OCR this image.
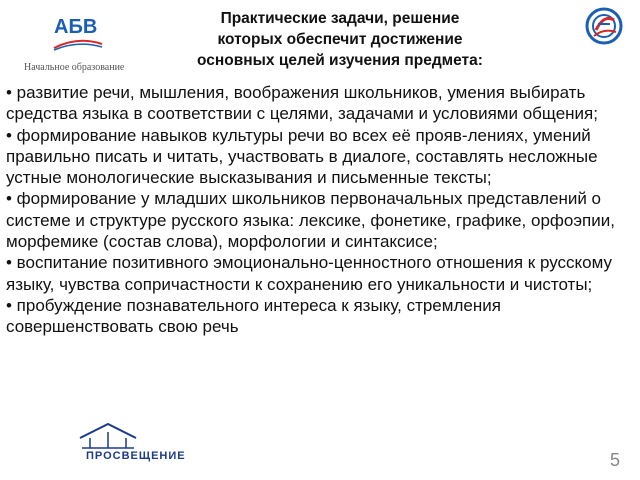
АБВ
Начальное образование
Практические задачи, решение
которых обеспечит достижение
основных целей изучения предмета:

• развитие речи, мышления, воображения школьников, умения выбирать средства языка в соответствии с целями, задачами и условиями общения;

• формирование навыков культуры речи во всех её прояв-лениях, умений правильно писать и читать, участвовать в диалоге, составлять несложные устные монологические высказывания и письменные тексты;

• формирование у младших школьников первоначальных представлений о системе и структуре русского языка: лексике, фонетике, графике, орфоэпии, морфемике (состав слова), морфологии и синтаксисе;

• воспитание позитивного эмоционально-ценностного отношения к русскому языку, чувства сопричастности к сохранению его уникальности и чистоты;

• пробуждение познавательного интереса к языку, стремления совершенствовать свою речь

ПРОСВЕЩЕНИЕ	5
